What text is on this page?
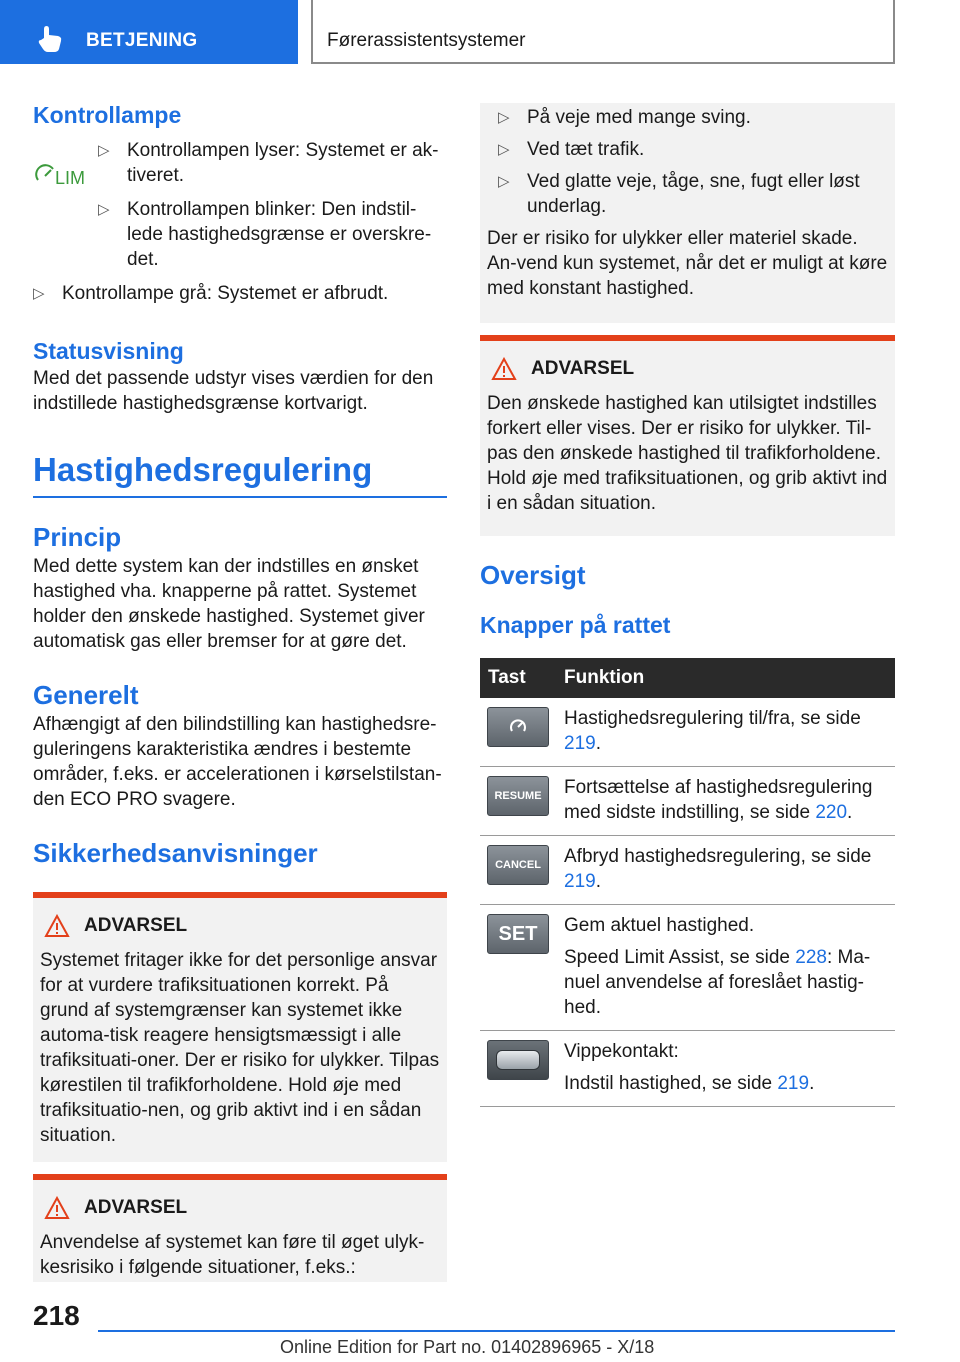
BETJENING	Førerassistentsystemer
Kontrollampe
LIM
▷ Kontrollampen lyser: Systemet er ak-tiveret.
▷ Kontrollampen blinker: Den indstil-lede hastighedsgrænse er overskre-det.
▷ Kontrollampe grå: Systemet er afbrudt.
Statusvisning
Med det passende udstyr vises værdien for den indstillede hastighedsgrænse kortvarigt.
Hastighedsregulering
Princip
Med dette system kan der indstilles en ønsket hastighed vha. knapperne på rattet. Systemet holder den ønskede hastighed. Systemet giver automatisk gas eller bremser for at gøre det.
Generelt
Afhængigt af den bilindstilling kan hastighedsre-guleringens karakteristika ændres i bestemte områder, f.eks. er accelerationen i kørselstilstan-den ECO PRO svagere.
Sikkerhedsanvisninger
ADVARSEL
Systemet fritager ikke for det personlige ansvar for at vurdere trafiksituationen korrekt. På grund af systemgrænser kan systemet ikke automa-tisk reagere hensigtsmæssigt i alle trafiksituati-oner. Der er risiko for ulykker. Tilpas kørestilen til trafikforholdene. Hold øje med trafiksituatio-nen, og grib aktivt ind i en sådan situation.
ADVARSEL
Anvendelse af systemet kan føre til øget ulyk-kesrisiko i følgende situationer, f.eks.:
▷ På veje med mange sving.
▷ Ved tæt trafik.
▷ Ved glatte veje, tåge, sne, fugt eller løst underlag.
Der er risiko for ulykker eller materiel skade. An-vend kun systemet, når det er muligt at køre med konstant hastighed.
ADVARSEL
Den ønskede hastighed kan utilsigtet indstilles forkert eller vises. Der er risiko for ulykker. Til-pas den ønskede hastighed til trafikforholdene. Hold øje med trafiksituationen, og grib aktivt ind i en sådan situation.
Oversigt
Knapper på rattet
Tast	Funktion

	Hastighedsregulering til/fra, se side 219.

RESUME	Fortsættelse af hastighedsregulering med sidste indstilling, se side 220.

CANCEL	Afbryd hastighedsregulering, se side 219.

SET	Gem aktuel hastighed.
Speed Limit Assist, se side 228: Ma-nuel anvendelse af foreslået hastig-hed.

	Vippekontakt:
Indstil hastighed, se side 219.
218
Online Edition for Part no. 01402896965 - X/18
